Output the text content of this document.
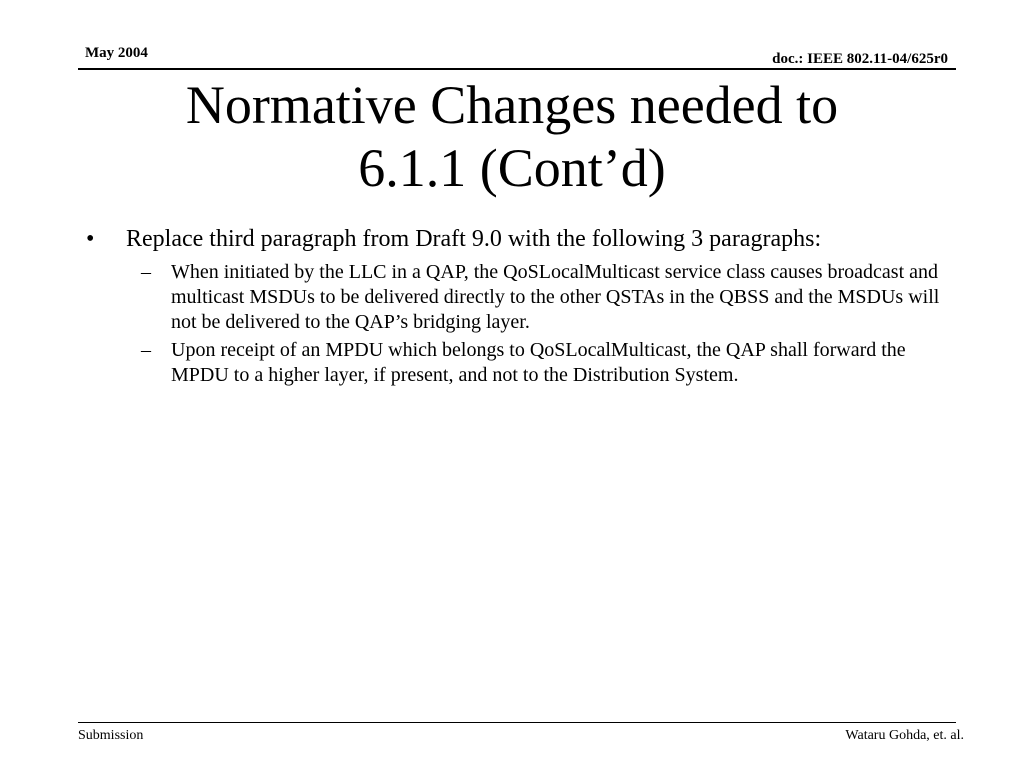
May 2004	doc.: IEEE 802.11-04/625r0
Normative Changes needed to
6.1.1 (Cont’d)
• Replace third paragraph from Draft 9.0 with the following 3 paragraphs:
– When initiated by the LLC in a QAP, the QoSLocalMulticast service class causes broadcast and multicast MSDUs to be delivered directly to the other QSTAs in the QBSS and the MSDUs will not be delivered to the QAP’s bridging layer.
– Upon receipt of an MPDU which belongs to QoSLocalMulticast, the QAP shall forward the MPDU to a higher layer, if present, and not to the Distribution System.
Submission	Wataru Gohda, et. al.
